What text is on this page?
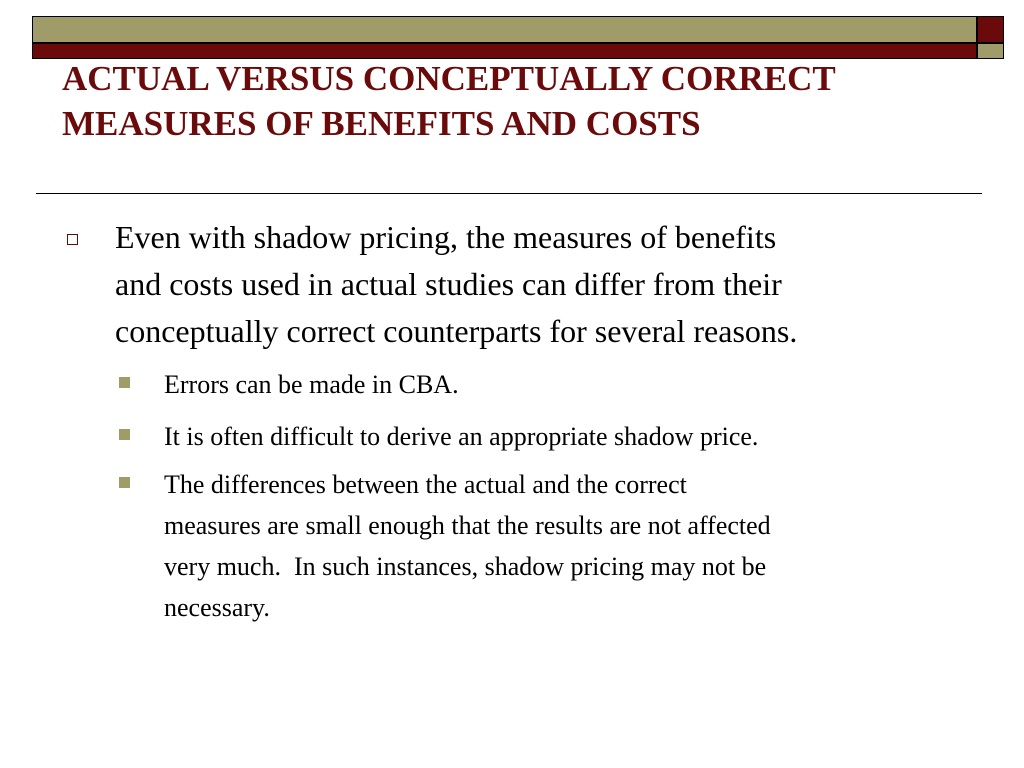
ACTUAL VERSUS CONCEPTUALLY CORRECT
MEASURES OF BENEFITS AND COSTS

Even with shadow pricing, the measures of benefits
and costs used in actual studies can differ from their
conceptually correct counterparts for several reasons.

Errors can be made in CBA.

It is often difficult to derive an appropriate shadow price.

The differences between the actual and the correct
measures are small enough that the results are not affected
very much.  In such instances, shadow pricing may not be
necessary.
